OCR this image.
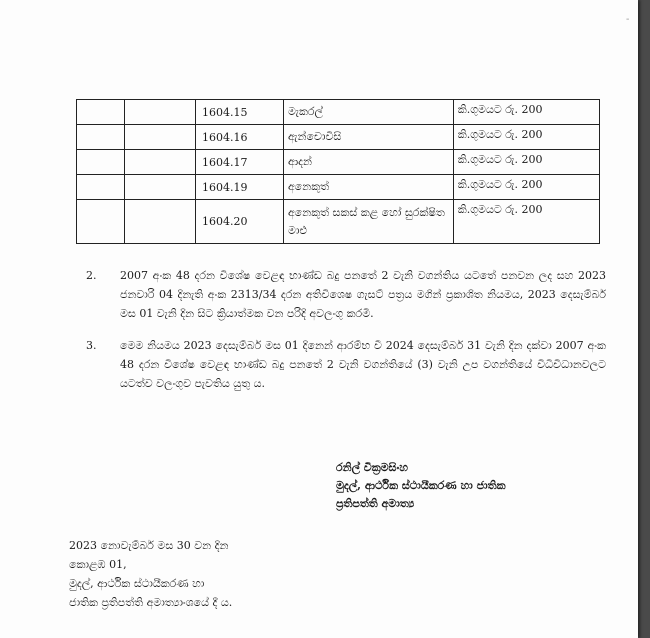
-
		1604.15	මැකරල්	කි.ගුමයට රු. 200
		1604.16	ඇන්චොවිසි	කි.ගුමයට රු. 200
		1604.17	ආදන්	කි.ගුමයට රු. 200
		1604.19	අනෙකුත්	කි.ගුමයට රු. 200
		1604.20	අනෙකුත් සකස් කළ හෝ සුරක්ෂිත මාළු	කි.ගුමයට රු. 200
2. 2007 අංක 48 දරන විශේෂ වෙළඳ භාණ්ඩ බදු පනතේ 2 වැනි වගන්තිය යටතේ පනවන ලද සහ 2023 ජනවාරි 04 දිනැති අංක 2313/34 දරන අතිවිශෙෂ ගැසට් පත්‍රය මගින් ප්‍රකාශිත නියමය, 2023 දෙසැම්බර් මස 01 වැනි දින සිට ක්‍රියාත්මක වන පරිදි අවලංගු කරමි.
3. මෙම නියමය 2023 දෙසැම්බර් මස 01 දිනෙන් ආරම්භ වී 2024 දෙසැම්බර් 31 වැනි දින දක්වා 2007 අංක 48 දරන විශේෂ වෙළඳ භාණ්ඩ බදු පනතේ 2 වැනි වගන්තියේ (3) වැනි උප වගන්තියේ විධිවිධානවලට යටත්ව වලංගුව පැවතිය යුතු ය.
රනිල් වික්‍රමසිංහ
මුදල්, ආර්ථික ස්ථායීකරණ හා ජාතික
ප්‍රතිපත්ති අමාත්‍ය
2023 නොවැම්බර් මස 30 වන දින
කොළඹ 01,
මුදල්, ආර්ථික ස්ථායීකරණ හා
ජාතික ප්‍රතිපත්ති අමාත්‍යාංශයේ දී ය.
